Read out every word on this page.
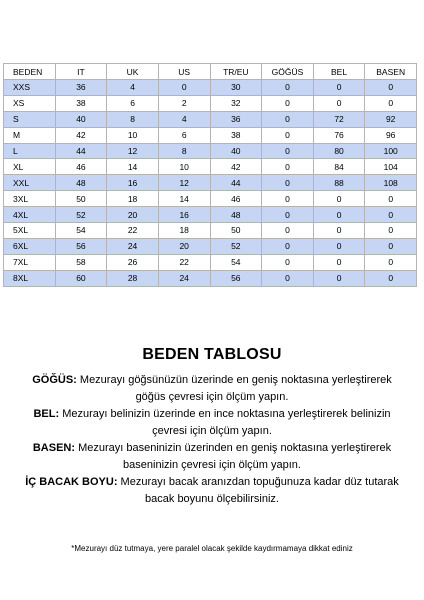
BEDEN	IT	UK	US	TR/EU	GÖĞÜS	BEL	BASEN
XXS	36	4	0	30	0	0	0
XS	38	6	2	32	0	0	0
S	40	8	4	36	0	72	92
M	42	10	6	38	0	76	96
L	44	12	8	40	0	80	100
XL	46	14	10	42	0	84	104
XXL	48	16	12	44	0	88	108
3XL	50	18	14	46	0	0	0
4XL	52	20	16	48	0	0	0
5XL	54	22	18	50	0	0	0
6XL	56	24	20	52	0	0	0
7XL	58	26	22	54	0	0	0
8XL	60	28	24	56	0	0	0

BEDEN TABLOSU

GÖĞÜS: Mezurayı göğsünüzün üzerinde en geniş noktasına yerleştirerek
göğüs çevresi için ölçüm yapın.
BEL: Mezurayı belinizin üzerinde en ince noktasına yerleştirerek belinizin
çevresi için ölçüm yapın.
BASEN: Mezurayı baseninizin üzerinden en geniş noktasına yerleştirerek
baseninizin çevresi için ölçüm yapın.
İÇ BACAK BOYU: Mezurayı bacak aranızdan topuğunuza kadar düz tutarak
bacak boyunu ölçebilirsiniz.
*Mezurayı düz tutmaya, yere paralel olacak şekilde kaydırmamaya dikkat ediniz
